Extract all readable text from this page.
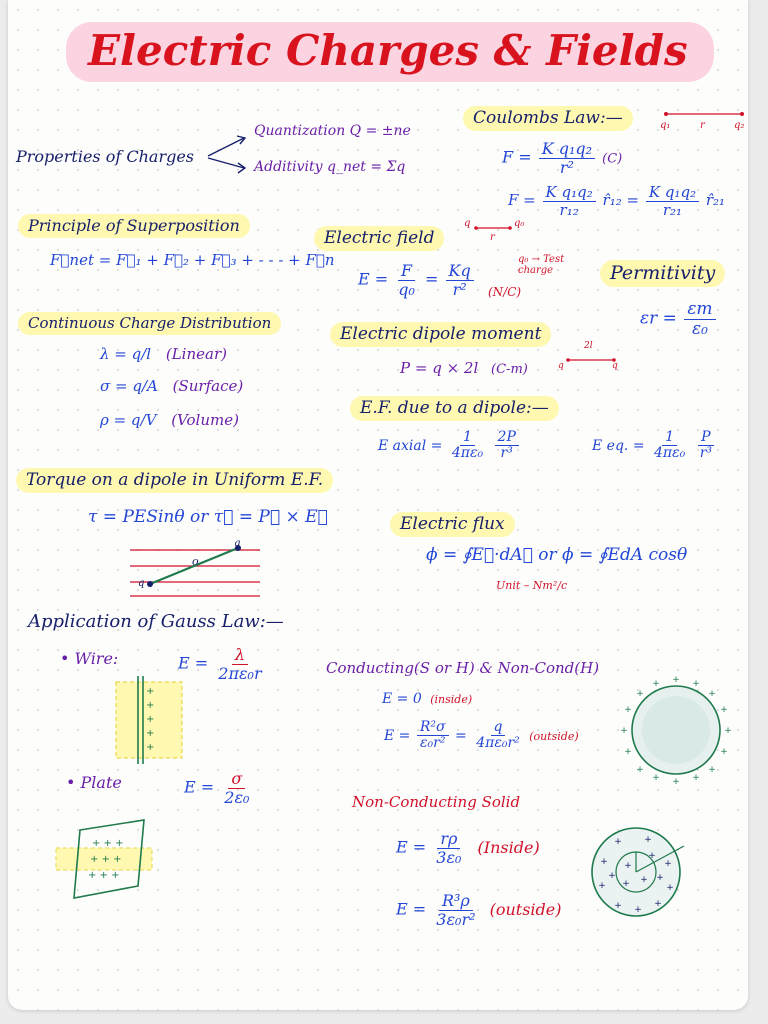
Electric Charges & Fields
Properties of Charges
Quantization Q = ±ne
Additivity q_net = Σq
Coulombs Law:—	q₁	r	q₂
$F = \frac{\text{K q₁q₂}}{\text{r²}} (C)$
$F = \frac{\text{K q₁q₂}}{\text{r₁₂}}$ r̂₁₂ = $\frac{\text{K q₁q₂}}{\text{r₂₁}}$ r̂₂₁
Principle of Superposition
F⃗net = F⃗₁ + F⃗₂ + F⃗₃ + - - - + F⃗n
Electric field
q₀
r
q
$E = \frac{F}{\text{q₀}} = \frac{Kq}{\text{r²}}$
q₀ → Test charge
(N/C)
Permitivity
$\varepsilon r = \frac{\varepsilon m}{\text{ε₀}}$
Continuous Charge Distribution
λ = q/l (Linear)
σ = q/A (Surface)
ρ = q/V (Volume)
Electric dipole moment
P = q × 2l (C-m)
2l
q	q
E.F. due to a dipole:—
E axial = $\frac{1}{\text{4πε₀}}$
$\frac{2P}{\text{r³}}$	E eq. = $\frac{1}{\text{4πε₀}}$
$\frac{P}{\text{r³}}$
Torque on a dipole in Uniform E.F.
τ = PESinθ or τ⃗ = P⃗ × E⃗
o
q
q
Electric flux
ϕ = ∮E⃗·dA⃗ or ϕ = ∮EdA cosθ
Unit – Nm²/c
Application of Gauss Law:—
• Wire:	$E = \frac{\lambda}{\text{2πε₀r}}$
+
+
+
+
+
• Plate	$E = \frac{\sigma}{\text{2ε₀}}$
+ + +
+ + +
+ + +
Conducting(S or H) & Non-Cond(H)
E = 0 (inside)
$E = \frac{\text{R²σ}}{\text{ε₀r²}} = \frac{q}{\text{4πε₀r²}}$ (outside)
+
+
+	+
+	+
+	+
+	+
+	+
+	+
+	+
Non-Conducting Solid
$E = \frac{r\rho}{\text{3ε₀}}$ (Inside)
$E = \frac{\text{R³ρ}}{\text{3ε₀r²}}$ (outside)
+ +
+	+
+	+
+ +
+
+
+
+
+	+
+
